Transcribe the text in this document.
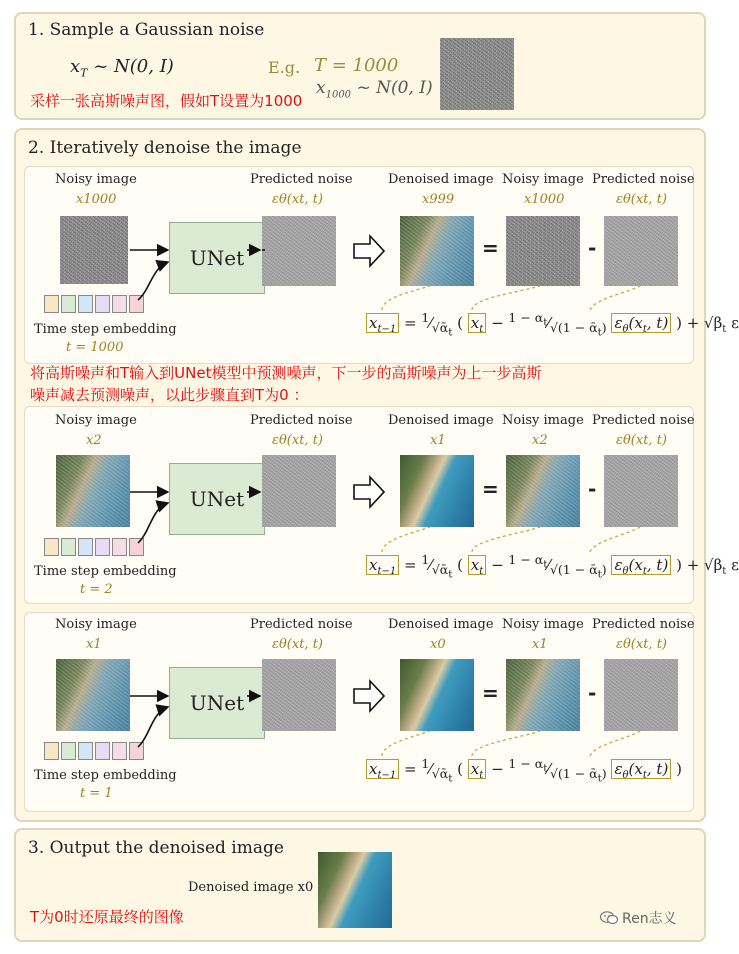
1. Sample a Gaussian noise
$x_T$ ~ N(0, I)	E.g. T = 1000
$x_{1000}$ ~ N(0, I)
采样一张高斯噪声图，假如T设置为1000
2. Iteratively denoise the image
Noisy image
x1000
Time step embedding
t = 1000
UNet
Predicted noise
εθ(xt, t)
Denoised image
x999
=
Noisy image
x1000
-
Predicted noise
εθ(xt, t)
$x_{t-1}$ = $^1⁄_{√ᾱ_t}$ ( $x_t$ − $^{1 - \alpha_t}⁄_{√(1 - ᾱ_t)}$ $\varepsilon_\theta(x_t$, t) ) + $√\beta_t$ ε
将高斯噪声和T输入到UNet模型中预测噪声，下一步的高斯噪声为上一步高斯
噪声减去预测噪声，以此步骤直到T为0 ：
Noisy image
x2
Time step embedding
t = 2
UNet
Predicted noise
εθ(xt, t)
Denoised image
x1
=
Noisy image
x2
-
Predicted noise
εθ(xt, t)
$x_{t-1}$ = $^1⁄_{√ᾱ_t}$ ( $x_t$ − $^{1 - \alpha_t}⁄_{√(1 - ᾱ_t)}$ $\varepsilon_\theta(x_t$, t) ) + $√\beta_t$ ε
Noisy image
x1
Time step embedding
t = 1
UNet
Predicted noise
εθ(xt, t)
Denoised image
x0
=
Noisy image
x1
-
Predicted noise
εθ(xt, t)
$x_{t-1}$ = $^1⁄_{√ᾱ_t}$ ( $x_t$ − $^{1 - \alpha_t}⁄_{√(1 - ᾱ_t)}$ $\varepsilon_\theta(x_t$, t) )
3. Output the denoised image
Denoised image x0
T为0时还原最终的图像	Ren志义
